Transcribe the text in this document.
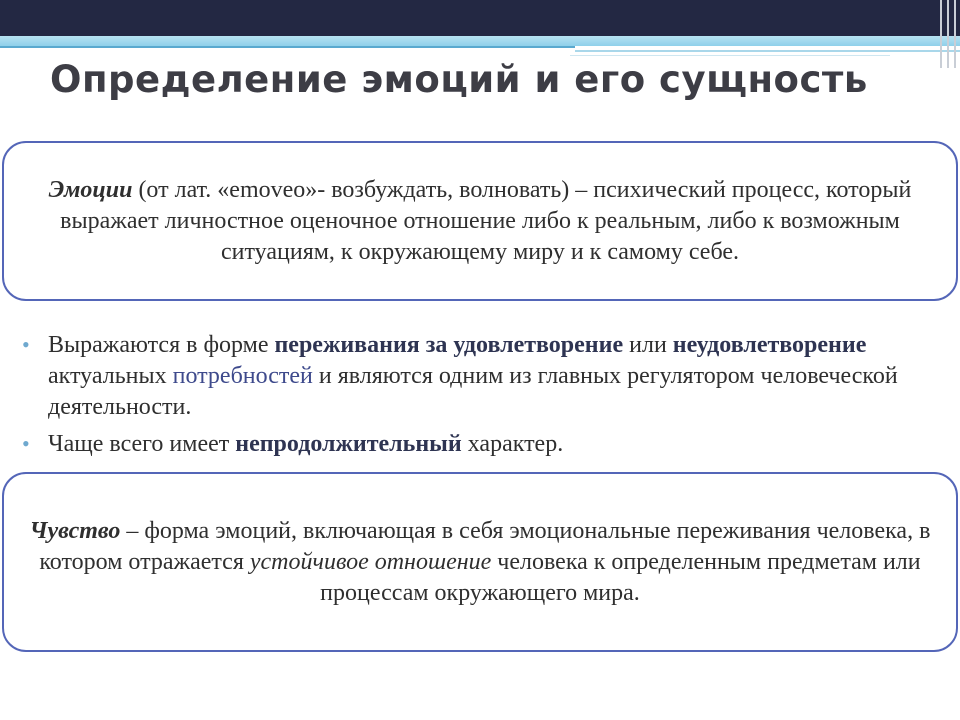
Определение эмоций и его сущность

Эмоции (от лат. «emoveo»- возбуждать, волновать) – психический процесс, который выражает личностное оценочное отношение либо к реальным, либо к возможным ситуациям, к окружающему миру и к самому себе.

• Выражаются в форме переживания за удовлетворение или неудовлетворение актуальных потребностей и являются одним из главных регулятором человеческой деятельности.
• Чаще всего имеет непродолжительный характер.

Чувство – форма эмоций, включающая в себя эмоциональные переживания человека, в котором отражается устойчивое отношение человека к определенным предметам или процессам окружающего мира.
